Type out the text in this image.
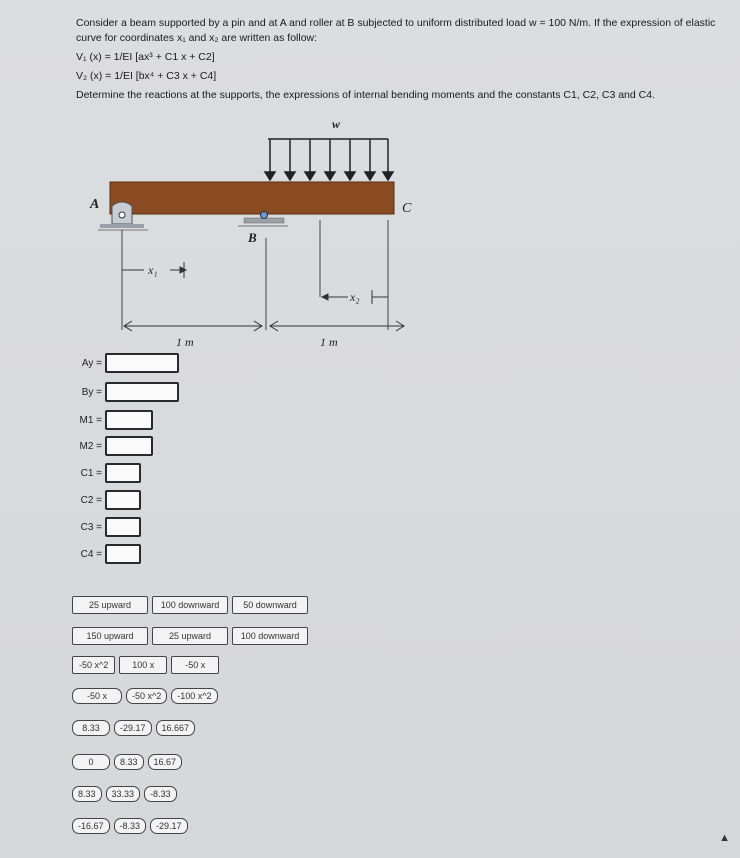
Consider a beam supported by a pin and at A and roller at B subjected to uniform distributed load w = 100 N/m. If the expression of elastic
curve for coordinates x₁ and x₂ are written as follow:
V₁ (x) = 1/EI [ax³ + C1 x + C2]
V₂ (x) = 1/EI [bx⁴ + C3 x + C4]
Determine the reactions at the supports, the expressions of internal bending moments and the constants C1, C2, C3 and C4.
w
A	C
B
x₁
x₂
1 m	1 m
Ay =
By =
M1 =
M2 =
C1 =
C2 =
C3 =
C4 =
25 upward	100 downward	50 downward
150 upward	25 upward	100 downward
-50 x^2	100 x	-50 x
-50 x	-50 x^2	-100 x^2
8.33	-29.17	16.667
0	8.33	16.67
8.33	33.33	-8.33
-16.67	-8.33	-29.17
▲
